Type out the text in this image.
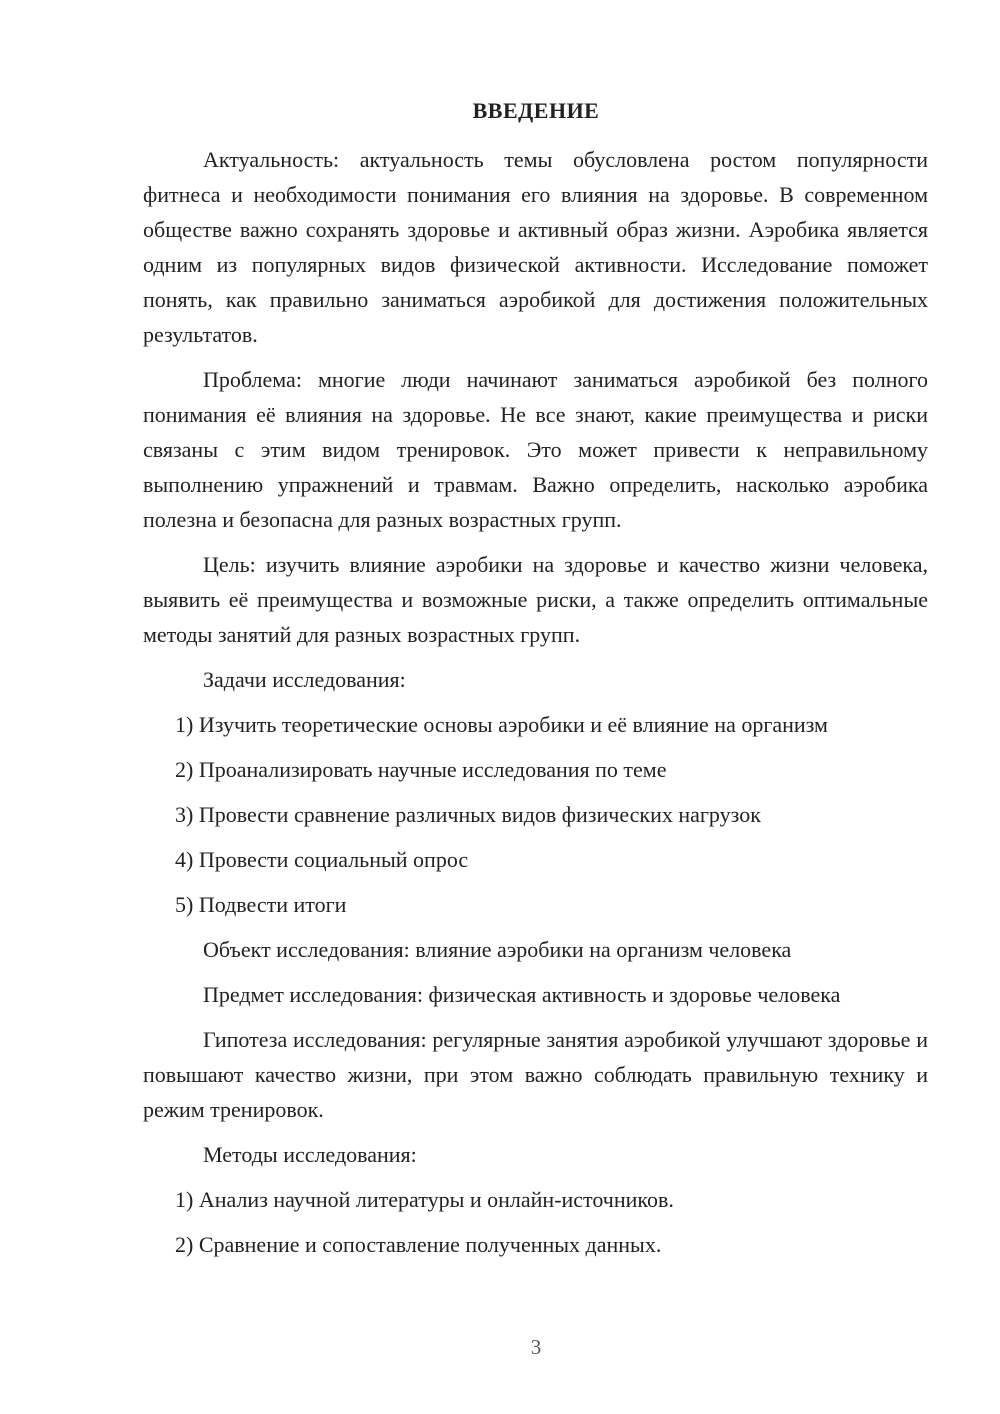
ВВЕДЕНИЕ

Актуальность: актуальность темы обусловлена ростом популярности фитнеса и необходимости понимания его влияния на здоровье. В современном обществе важно сохранять здоровье и активный образ жизни. Аэробика является одним из популярных видов физической активности. Исследование поможет понять, как правильно заниматься аэробикой для достижения положительных результатов.

Проблема: многие люди начинают заниматься аэробикой без полного понимания её влияния на здоровье. Не все знают, какие преимущества и риски связаны с этим видом тренировок. Это может привести к неправильному выполнению упражнений и травмам. Важно определить, насколько аэробика полезна и безопасна для разных возрастных групп.

Цель: изучить влияние аэробики на здоровье и качество жизни человека, выявить её преимущества и возможные риски, а также определить оптимальные методы занятий для разных возрастных групп.

Задачи исследования:

1) Изучить теоретические основы аэробики и её влияние на организм

2) Проанализировать научные исследования по теме

3) Провести сравнение различных видов физических нагрузок

4) Провести социальный опрос

5) Подвести итоги

Объект исследования: влияние аэробики на организм человека

Предмет исследования: физическая активность и здоровье человека

Гипотеза исследования: регулярные занятия аэробикой улучшают здоровье и повышают качество жизни, при этом важно соблюдать правильную технику и режим тренировок.

Методы исследования:

1) Анализ научной литературы и онлайн-источников.

2) Сравнение и сопоставление полученных данных.

3
